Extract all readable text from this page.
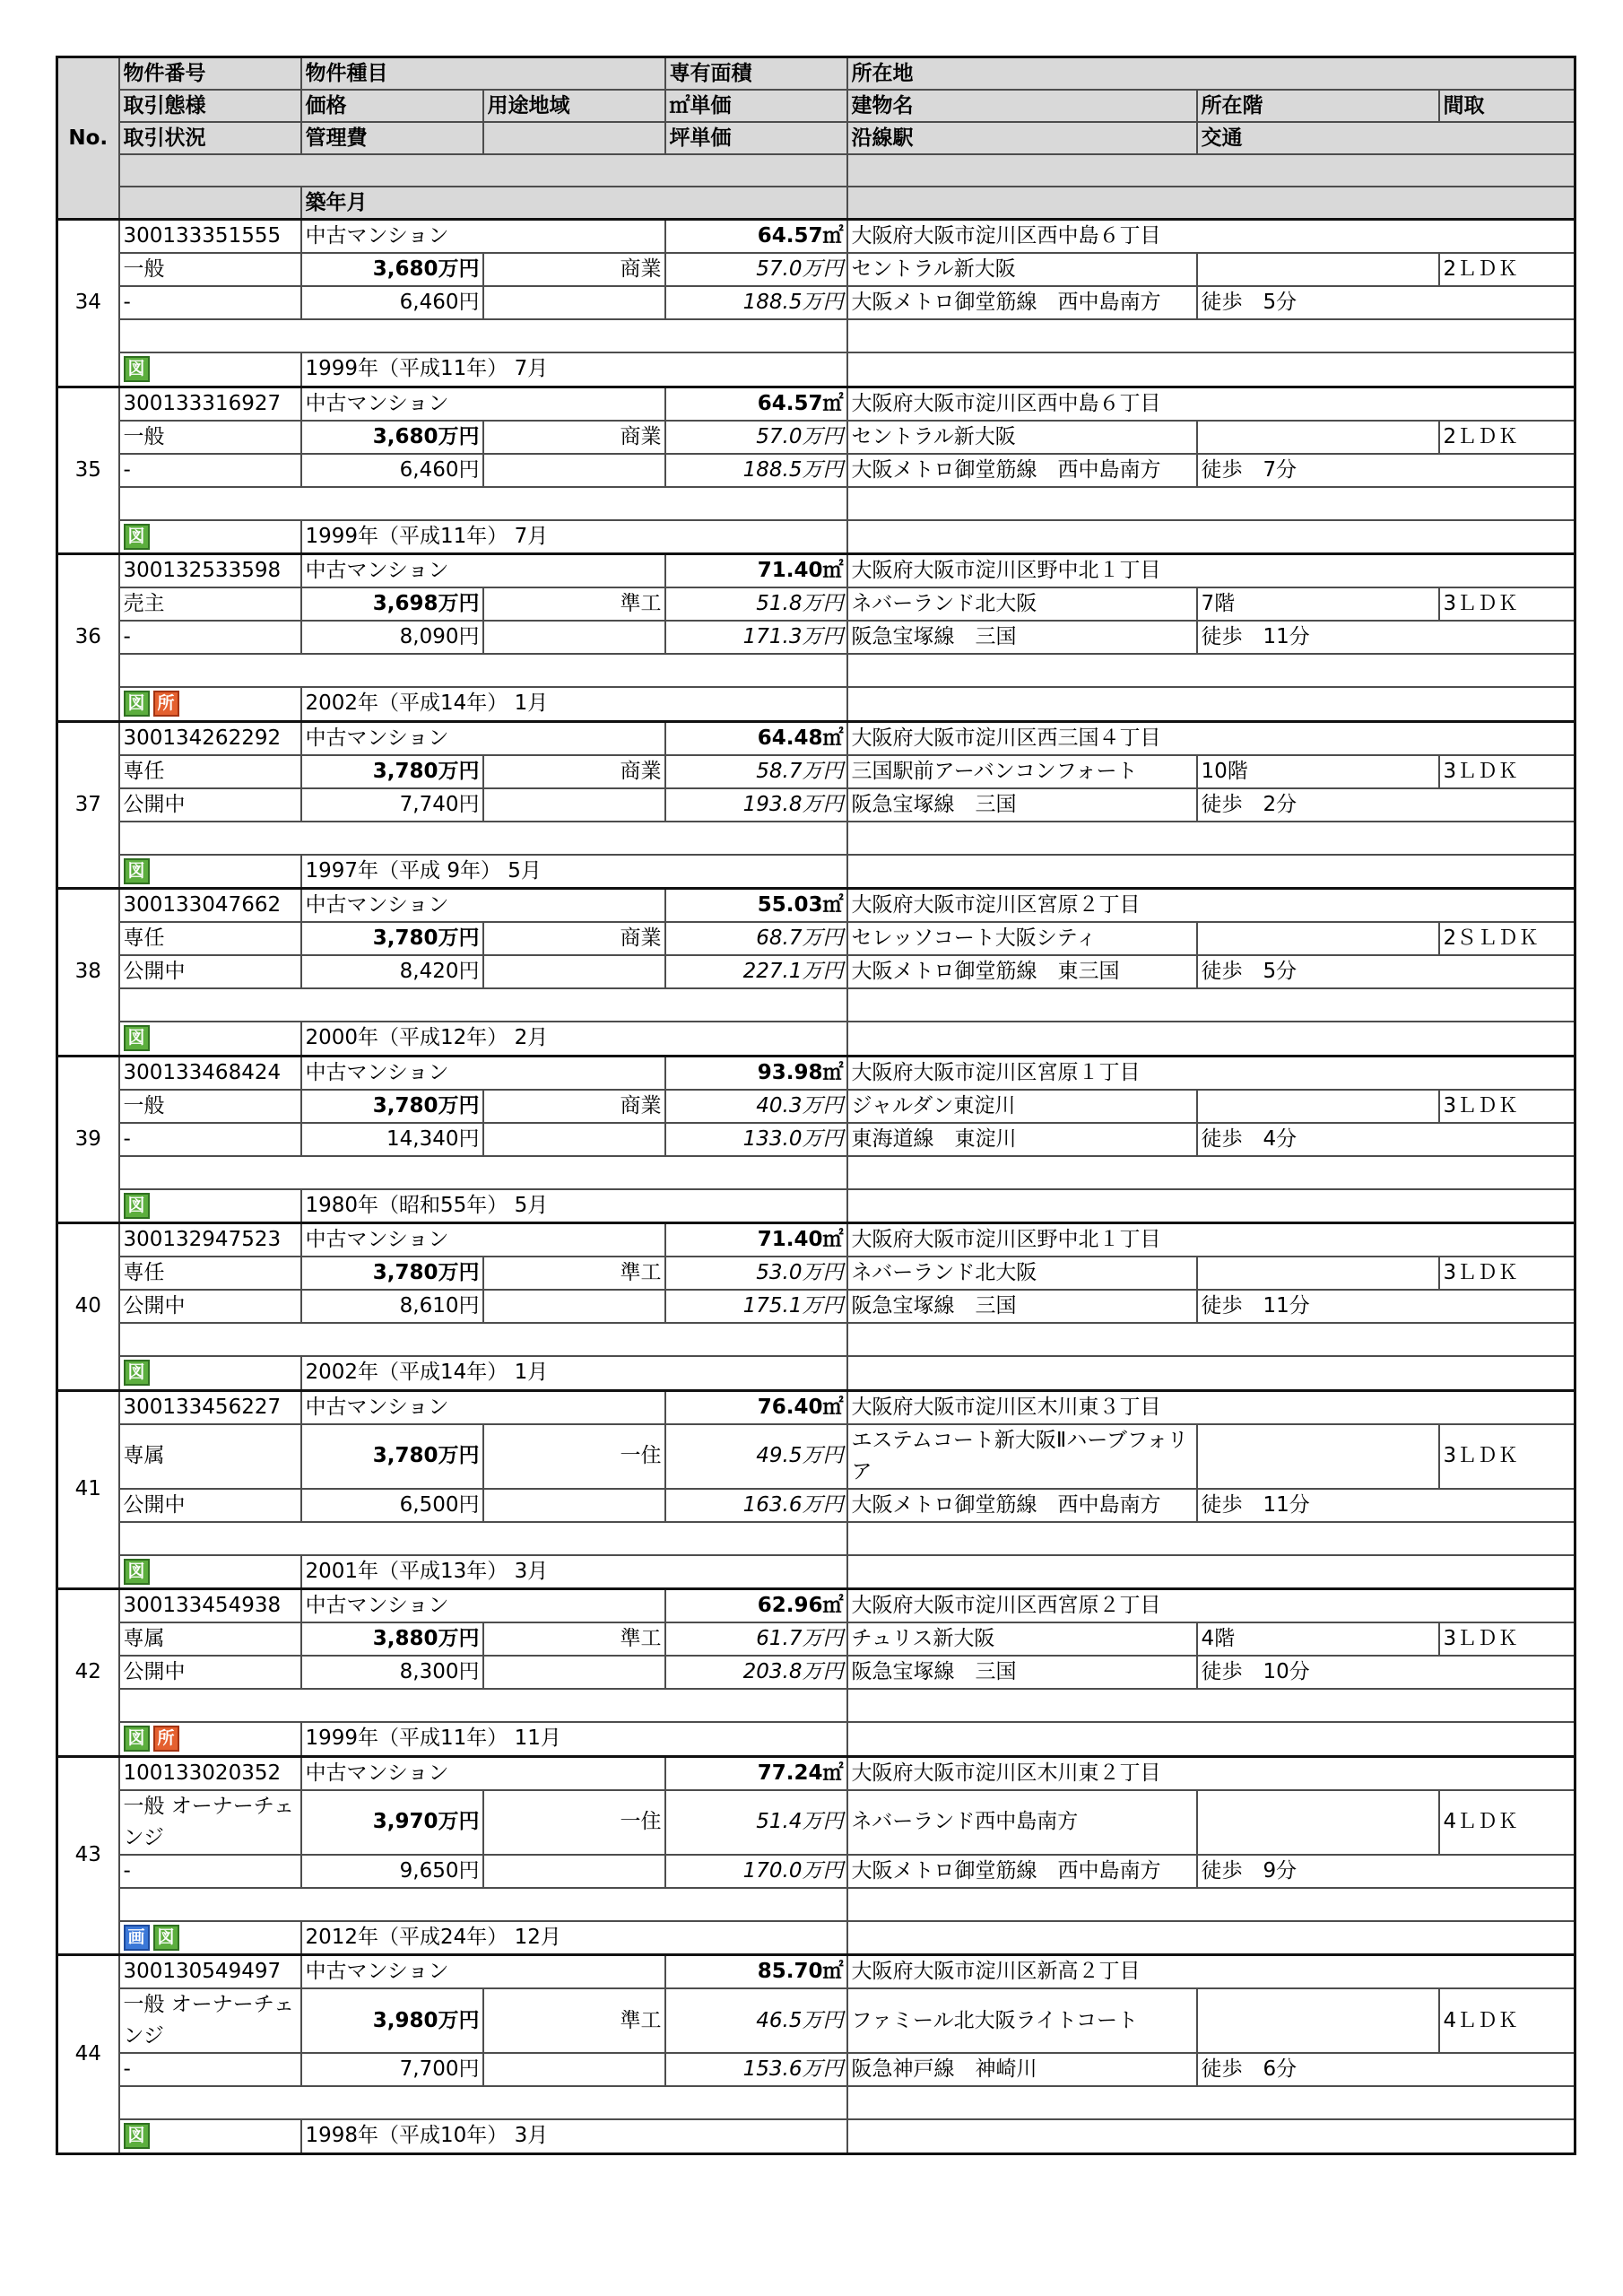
No.	物件番号	物件種目		専有面積	所在地		
	取引態様	価格	用途地域	㎡単価	建物名	所在階	間取
	取引状況	管理費		坪単価	沿線駅	交通	

		築年月					
34	300133351555	中古マンション		64.57㎡	大阪府大阪市淀川区西中島６丁目		
	一般	3,680万円	商業	57.0万円	セントラル新大阪		2ＬＤＫ
	-	6,460円		188.5万円	大阪メトロ御堂筋線　西中島南方	徒歩　5分	

	図	1999年（平成11年） 7月					
35	300133316927	中古マンション		64.57㎡	大阪府大阪市淀川区西中島６丁目		
	一般	3,680万円	商業	57.0万円	セントラル新大阪		2ＬＤＫ
	-	6,460円		188.5万円	大阪メトロ御堂筋線　西中島南方	徒歩　7分	

	図	1999年（平成11年） 7月					
36	300132533598	中古マンション		71.40㎡	大阪府大阪市淀川区野中北１丁目		
	売主	3,698万円	準工	51.8万円	ネバーランド北大阪	7階	3ＬＤＫ
	-	8,090円		171.3万円	阪急宝塚線　三国	徒歩　11分	

	図 所	2002年（平成14年） 1月					
37	300134262292	中古マンション		64.48㎡	大阪府大阪市淀川区西三国４丁目		
	専任	3,780万円	商業	58.7万円	三国駅前アーバンコンフォート	10階	3ＬＤＫ
	公開中	7,740円		193.8万円	阪急宝塚線　三国	徒歩　2分	

	図	1997年（平成 9年） 5月					
38	300133047662	中古マンション		55.03㎡	大阪府大阪市淀川区宮原２丁目		
	専任	3,780万円	商業	68.7万円	セレッソコート大阪シティ		2ＳＬＤＫ
	公開中	8,420円		227.1万円	大阪メトロ御堂筋線　東三国	徒歩　5分	

	図	2000年（平成12年） 2月					
39	300133468424	中古マンション		93.98㎡	大阪府大阪市淀川区宮原１丁目		
	一般	3,780万円	商業	40.3万円	ジャルダン東淀川		3ＬＤＫ
	-	14,340円		133.0万円	東海道線　東淀川	徒歩　4分	

	図	1980年（昭和55年） 5月					
40	300132947523	中古マンション		71.40㎡	大阪府大阪市淀川区野中北１丁目		
	専任	3,780万円	準工	53.0万円	ネバーランド北大阪		3ＬＤＫ
	公開中	8,610円		175.1万円	阪急宝塚線　三国	徒歩　11分	

	図	2002年（平成14年） 1月					
41	300133456227	中古マンション		76.40㎡	大阪府大阪市淀川区木川東３丁目		
	専属	3,780万円	一住	49.5万円	エステムコート新大阪Ⅱハーブフォリア		3ＬＤＫ
	公開中	6,500円		163.6万円	大阪メトロ御堂筋線　西中島南方	徒歩　11分	

	図	2001年（平成13年） 3月					
42	300133454938	中古マンション		62.96㎡	大阪府大阪市淀川区西宮原２丁目		
	専属	3,880万円	準工	61.7万円	チュリス新大阪	4階	3ＬＤＫ
	公開中	8,300円		203.8万円	阪急宝塚線　三国	徒歩　10分	

	図 所	1999年（平成11年） 11月					
43	100133020352	中古マンション		77.24㎡	大阪府大阪市淀川区木川東２丁目		
	一般 オーナーチェンジ	3,970万円	一住	51.4万円	ネバーランド西中島南方		4ＬＤＫ
	-	9,650円		170.0万円	大阪メトロ御堂筋線　西中島南方	徒歩　9分	

	画 図	2012年（平成24年） 12月					
44	300130549497	中古マンション		85.70㎡	大阪府大阪市淀川区新高２丁目		
	一般 オーナーチェンジ	3,980万円	準工	46.5万円	ファミール北大阪ライトコート		4ＬＤＫ
	-	7,700円		153.6万円	阪急神戸線　神崎川	徒歩　6分	

	図	1998年（平成10年） 3月					
